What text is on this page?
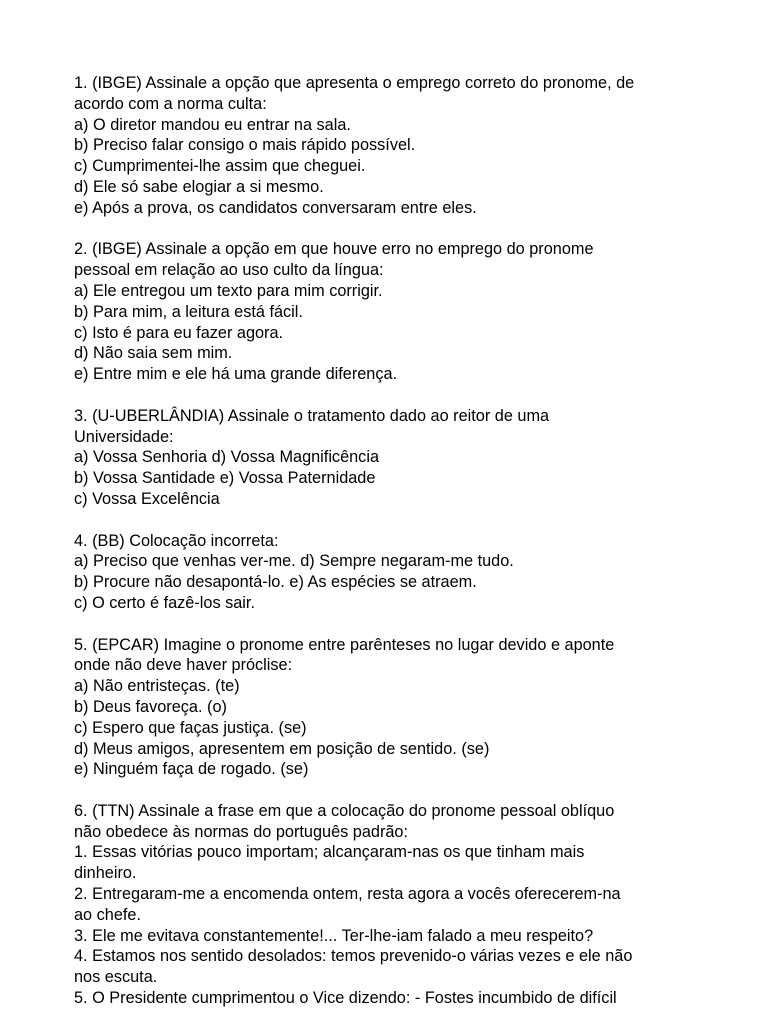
1. (IBGE) Assinale a opção que apresenta o emprego correto do pronome, de
acordo com a norma culta:
a) O diretor mandou eu entrar na sala.
b) Preciso falar consigo o mais rápido possível.
c) Cumprimentei-lhe assim que cheguei.
d) Ele só sabe elogiar a si mesmo.
e) Após a prova, os candidatos conversaram entre eles.
2. (IBGE) Assinale a opção em que houve erro no emprego do pronome
pessoal em relação ao uso culto da língua:
a) Ele entregou um texto para mim corrigir.
b) Para mim, a leitura está fácil.
c) Isto é para eu fazer agora.
d) Não saia sem mim.
e) Entre mim e ele há uma grande diferença.
3. (U-UBERLÂNDIA) Assinale o tratamento dado ao reitor de uma
Universidade:
a) Vossa Senhoria d) Vossa Magnificência
b) Vossa Santidade e) Vossa Paternidade
c) Vossa Excelência
4. (BB) Colocação incorreta:
a) Preciso que venhas ver-me. d) Sempre negaram-me tudo.
b) Procure não desapontá-lo. e) As espécies se atraem.
c) O certo é fazê-los sair.
5. (EPCAR) Imagine o pronome entre parênteses no lugar devido e aponte
onde não deve haver próclise:
a) Não entristeças. (te)
b) Deus favoreça. (o)
c) Espero que faças justiça. (se)
d) Meus amigos, apresentem em posição de sentido. (se)
e) Ninguém faça de rogado. (se)
6. (TTN) Assinale a frase em que a colocação do pronome pessoal oblíquo
não obedece às normas do português padrão:
1. Essas vitórias pouco importam; alcançaram-nas os que tinham mais
dinheiro.
2. Entregaram-me a encomenda ontem, resta agora a vocês oferecerem-na
ao chefe.
3. Ele me evitava constantemente!... Ter-lhe-iam falado a meu respeito?
4. Estamos nos sentido desolados: temos prevenido-o várias vezes e ele não
nos escuta.
5. O Presidente cumprimentou o Vice dizendo: - Fostes incumbido de difícil
